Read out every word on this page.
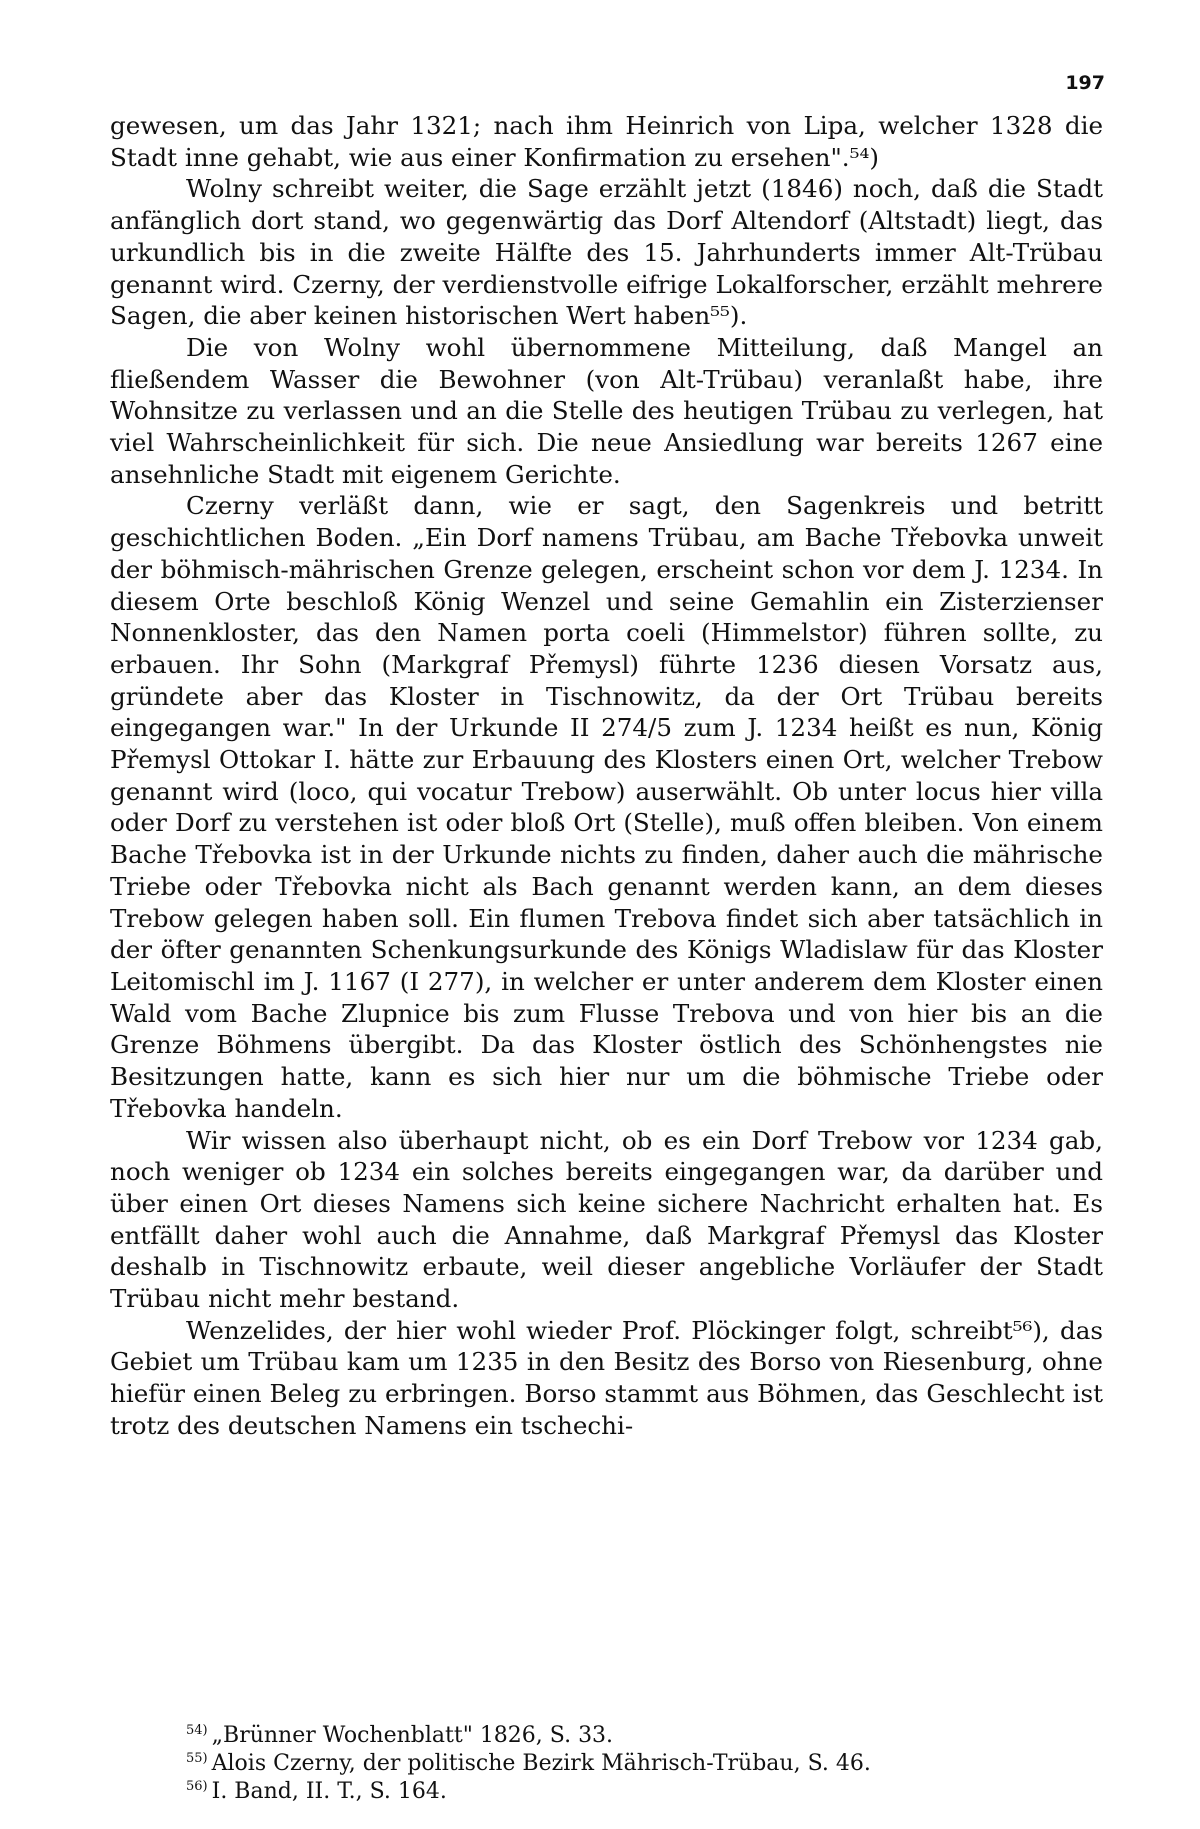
197

gewesen, um das Jahr 1321; nach ihm Heinrich von Lipa, welcher 1328 die Stadt inne gehabt, wie aus einer Konfirmation zu ersehen".⁵⁴)

Wolny schreibt weiter, die Sage erzählt jetzt (1846) noch, daß die Stadt anfänglich dort stand, wo gegenwärtig das Dorf Altendorf (Altstadt) liegt, das urkundlich bis in die zweite Hälfte des 15. Jahrhunderts immer Alt-Trübau genannt wird. Czerny, der verdienstvolle eifrige Lokalforscher, erzählt mehrere Sagen, die aber keinen historischen Wert haben⁵⁵).

Die von Wolny wohl übernommene Mitteilung, daß Mangel an fließendem Wasser die Bewohner (von Alt-Trübau) veranlaßt habe, ihre Wohnsitze zu verlassen und an die Stelle des heutigen Trübau zu verlegen, hat viel Wahrscheinlichkeit für sich. Die neue Ansiedlung war bereits 1267 eine ansehnliche Stadt mit eigenem Gerichte.

Czerny verläßt dann, wie er sagt, den Sagenkreis und betritt geschichtlichen Boden. „Ein Dorf namens Trübau, am Bache Třebovka unweit der böhmisch-mährischen Grenze gelegen, erscheint schon vor dem J. 1234. In diesem Orte beschloß König Wenzel und seine Gemahlin ein Zisterzienser Nonnenkloster, das den Namen porta coeli (Himmelstor) führen sollte, zu erbauen. Ihr Sohn (Markgraf Přemysl) führte 1236 diesen Vorsatz aus, gründete aber das Kloster in Tischnowitz, da der Ort Trübau bereits eingegangen war." In der Urkunde II 274/5 zum J. 1234 heißt es nun, König Přemysl Ottokar I. hätte zur Erbauung des Klosters einen Ort, welcher Trebow genannt wird (loco, qui vocatur Trebow) auserwählt. Ob unter locus hier villa oder Dorf zu verstehen ist oder bloß Ort (Stelle), muß offen bleiben. Von einem Bache Třebovka ist in der Urkunde nichts zu finden, daher auch die mährische Triebe oder Třebovka nicht als Bach genannt werden kann, an dem dieses Trebow gelegen haben soll. Ein flumen Trebova findet sich aber tatsächlich in der öfter genannten Schenkungsurkunde des Königs Wladislaw für das Kloster Leitomischl im J. 1167 (I 277), in welcher er unter anderem dem Kloster einen Wald vom Bache Zlupnice bis zum Flusse Trebova und von hier bis an die Grenze Böhmens übergibt. Da das Kloster östlich des Schönhengstes nie Besitzungen hatte, kann es sich hier nur um die böhmische Triebe oder Třebovka handeln.

Wir wissen also überhaupt nicht, ob es ein Dorf Trebow vor 1234 gab, noch weniger ob 1234 ein solches bereits eingegangen war, da darüber und über einen Ort dieses Namens sich keine sichere Nachricht erhalten hat. Es entfällt daher wohl auch die Annahme, daß Markgraf Přemysl das Kloster deshalb in Tischnowitz erbaute, weil dieser angebliche Vorläufer der Stadt Trübau nicht mehr bestand.

Wenzelides, der hier wohl wieder Prof. Plöckinger folgt, schreibt⁵⁶), das Gebiet um Trübau kam um 1235 in den Besitz des Borso von Riesenburg, ohne hiefür einen Beleg zu erbringen. Borso stammt aus Böhmen, das Geschlecht ist trotz des deutschen Namens ein tschechi-

$^{54)}$ „Brünner Wochenblatt" 1826, S. 33.
$^{55)}$ Alois Czerny, der politische Bezirk Mährisch-Trübau, S. 46.
$^{56)}$ I. Band, II. T., S. 164.
